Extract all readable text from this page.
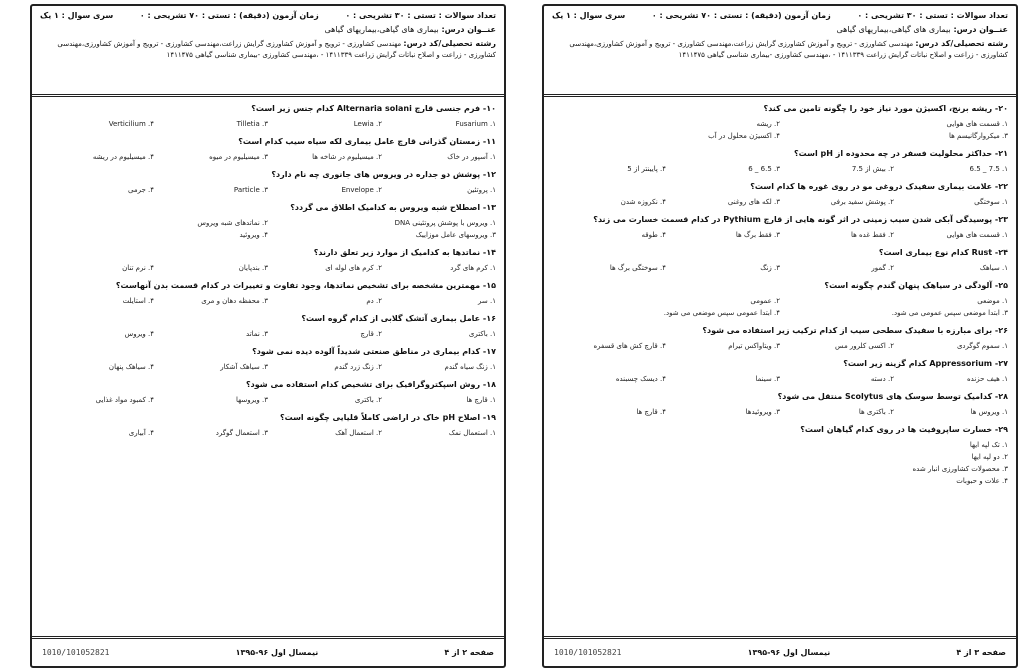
تعداد سوالات : تستی : ۳۰ تشریحی : ۰
زمان آزمون (دقیقه) : تستی : ۷۰ تشریحی : ۰
سری سوال : ۱ یک
عنــوان درس: بیماری های گیاهی،بیماریهای گیاهی
رشته تحصیلی/کد درس: مهندسی کشاورزی - ترویج و آموزش کشاورزی گرایش زراعت،مهندسی کشاورزی - ترویج و آموزش کشاورزی،مهندسی
کشاورزی - زراعت و اصلاح نباتات گرایش زراعت ۱۴۱۱۳۳۹ - ،مهندسی کشاورزی -بیماری شناسی گیاهی ۱۴۱۱۴۷۵
۱۰- فرم جنسی قارچ Alternaria solani کدام جنس زیر است؟
۱. Fusarium
۲. Lewia
۳. Tilletia
۴. Verticilium
۱۱- زمستان گذرانی قارچ عامل بیماری لکه سیاه سیب کدام است؟
۱. آسپور در خاک
۲. میسیلیوم در شاخه ها
۳. میسیلیوم در میوه
۴. میسیلیوم در ریشه
۱۲- پوشش دو جداره در ویروس های جانوری چه نام دارد؟
۱. پروتئین
۲. Envelope
۳. Particle
۴. جرمی
۱۳- اصطلاح شبه ویروس به کدامیک اطلاق می گردد؟
۱. ویروس با پوشش پروتئینی DNA
۲. نماتدهای شبه ویروس
۳. ویروسهای عامل موزاییک
۴. ویروئید
۱۴- نماتدها به کدامیک از موارد زیر تعلق دارند؟
۱. کرم های گرد
۲. کرم های لوله ای
۳. بندپایان
۴. نرم تنان
۱۵- مهمترین مشخصه برای تشخیص نماتدها، وجود تفاوت و تغییرات در کدام قسمت بدن آنهاست؟
۱. سر
۲. دم
۳. محفظه دهان و مری
۴. استایلت
۱۶- عامل بیماری آتشک گلابی از کدام گروه است؟
۱. باکتری
۲. قارچ
۳. نماتد
۴. ویروس
۱۷- کدام بیماری در مناطق صنعتی شدیداً آلوده دیده نمی شود؟
۱. زنگ سیاه گندم
۲. زنگ زرد گندم
۳. سیاهک آشکار
۴. سیاهک پنهان
۱۸- روش اسپکتروگرافیک برای تشخیص کدام استفاده می شود؟
۱. قارچ ها
۲. باکتری
۳. ویروسها
۴. کمبود مواد غذایی
۱۹- اصلاح pH خاک در اراضی کاملاً قلیایی چگونه است؟
۱. استعمال نمک
۲. استعمال آهک
۳. استعمال گوگرد
۴. آبیاری
صفحه ۲ از ۴
نیمسال اول ۹۶-۱۳۹۵
1010/101052821
تعداد سوالات : تستی : ۳۰ تشریحی : ۰
زمان آزمون (دقیقه) : تستی : ۷۰ تشریحی : ۰
سری سوال : ۱ یک
عنــوان درس: بیماری های گیاهی،بیماریهای گیاهی
رشته تحصیلی/کد درس: مهندسی کشاورزی - ترویج و آموزش کشاورزی گرایش زراعت،مهندسی کشاورزی - ترویج و آموزش کشاورزی،مهندسی
کشاورزی - زراعت و اصلاح نباتات گرایش زراعت ۱۴۱۱۳۳۹ - ،مهندسی کشاورزی -بیماری شناسی گیاهی ۱۴۱۱۴۷۵
۲۰- ریشه برنج، اکسیژن مورد نیاز خود را چگونه تامین می کند؟
۱. قسمت های هوایی
۲. ریشه
۳. میکروارگانیسم ها
۴. اکسیژن محلول در آب
۲۱- حداکثر محلولیت فسفر در چه محدوده از pH است؟
۱. 7.5 _ 6.5
۲. بیش از 7.5
۳. 6.5 _ 6
۴. پایینتر از 5
۲۲- علامت بیماری سفیدک دروغی مو در روی غوره ها کدام است؟
۱. سوختگی
۲. پوشش سفید برفی
۳. لکه های روغنی
۴. نکروزه شدن
۲۳- پوسیدگی آبکی شدن سیب زمینی در اثر گونه هایی از قارچ Pythium در کدام قسمت خسارت می زند؟
۱. قسمت های هوایی
۲. فقط غده ها
۳. فقط برگ ها
۴. طوقه
۲۴- Rust کدام نوع بیماری است؟
۱. سیاهک
۲. گمور
۳. زنگ
۴. سوختگی برگ ها
۲۵- آلودگی در سیاهک پنهان گندم چگونه است؟
۱. موضعی
۲. عمومی
۳. ابتدا موضعی سپس عمومی می شود.
۴. ابتدا عمومی سپس موضعی می شود.
۲۶- برای مبارزه با سفیدک سطحی سیب از کدام ترکیب زیر استفاده می شود؟
۱. سموم گوگردی
۲. اکسی کلرور مس
۳. ویتاواکس تیرام
۴. قارچ کش های قسفره
۲۷- Appressorium کدام گزینه زیر است؟
۱. هیف حزنده
۲. دسته
۳. سینما
۴. دیسک چسبنده
۲۸- کدامیک توسط سوسک های Scolytus منتقل می شود؟
۱. ویروس ها
۲. باکتری ها
۳. ویروئیدها
۴. قارچ ها
۲۹- خسارت ساپروفیت ها در روی کدام گیاهان است؟
۱. تک لپه ایها
۲. دو لپه ایها
۳. محصولات کشاورزی انبار شده
۴. علات و حبوبات
صفحه ۳ از ۴
نیمسال اول ۹۶-۱۳۹۵
1010/101052821
